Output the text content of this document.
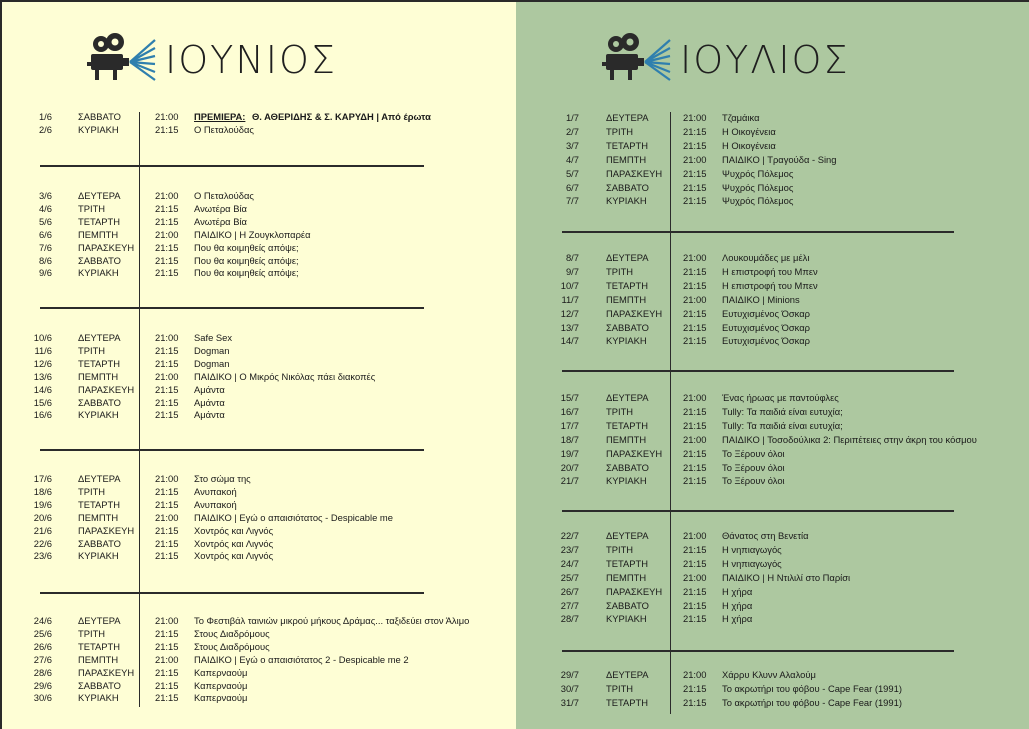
ΙΟΥΝΙΟΣ
1/6	ΣΑΒΒΑΤΟ	21:00 ΠΡΕΜΙΕΡΑ: Θ. ΑΘΕΡΙΔΗΣ & Σ. ΚΑΡΥΔΗ | Από έρωτα
2/6	ΚΥΡΙΑΚΗ	21:15 Ο Πεταλούδας
3/6	ΔΕΥΤΕΡΑ	21:00 Ο Πεταλούδας
4/6	ΤΡΙΤΗ	21:15 Ανωτέρα Βία
5/6	ΤΕΤΑΡΤΗ	21:15 Ανωτέρα Βία
6/6	ΠΕΜΠΤΗ	21:00 ΠΑΙΔΙΚΟ | Η Ζουγκλοπαρέα
7/6	ΠΑΡΑΣΚΕΥΗ 21:15 Που θα κοιμηθείς απόψε;
8/6	ΣΑΒΒΑΤΟ	21:15 Που θα κοιμηθείς απόψε;
9/6	ΚΥΡΙΑΚΗ	21:15 Που θα κοιμηθείς απόψε;
10/6	ΔΕΥΤΕΡΑ	21:00 Safe Sex
11/6	ΤΡΙΤΗ	21:15 Dogman
12/6	ΤΕΤΑΡΤΗ	21:15 Dogman
13/6	ΠΕΜΠΤΗ	21:00 ΠΑΙΔΙΚΟ | Ο Μικρός Νικόλας πάει διακοπές
14/6	ΠΑΡΑΣΚΕΥΗ 21:15 Αμάντα
15/6	ΣΑΒΒΑΤΟ	21:15 Αμάντα
16/6	ΚΥΡΙΑΚΗ	21:15 Αμάντα
17/6	ΔΕΥΤΕΡΑ	21:00 Στο σώμα της
18/6	ΤΡΙΤΗ	21:15 Ανυπακοή
19/6	ΤΕΤΑΡΤΗ	21:15 Ανυπακοή
20/6	ΠΕΜΠΤΗ	21:00 ΠΑΙΔΙΚΟ | Εγώ ο απαισιότατος - Despicable me
21/6	ΠΑΡΑΣΚΕΥΗ 21:15 Χοντρός και Λιγνός
22/6	ΣΑΒΒΑΤΟ	21:15 Χοντρός και Λιγνός
23/6	ΚΥΡΙΑΚΗ	21:15 Χοντρός και Λιγνός
24/6	ΔΕΥΤΕΡΑ	21:00 Το Φεστιβάλ ταινιών μικρού μήκους Δράμας... ταξιδεύει στον Άλιμο
25/6	ΤΡΙΤΗ	21:15 Στους Διαδρόμους
26/6	ΤΕΤΑΡΤΗ	21:15 Στους Διαδρόμους
27/6	ΠΕΜΠΤΗ	21:00 ΠΑΙΔΙΚΟ | Εγώ ο απαισιότατος 2 - Despicable me 2
28/6	ΠΑΡΑΣΚΕΥΗ 21:15 Καπερναούμ
29/6	ΣΑΒΒΑΤΟ	21:15 Καπερναούμ
30/6	ΚΥΡΙΑΚΗ	21:15 Καπερναούμ
ΙΟΥΛΙΟΣ
1/7	ΔΕΥΤΕΡΑ	21:00 Τζαμάικα
2/7	ΤΡΙΤΗ	21:15 Η Οικογένεια
3/7	ΤΕΤΑΡΤΗ	21:15 Η Οικογένεια
4/7	ΠΕΜΠΤΗ	21:00 ΠΑΙΔΙΚΟ | Τραγούδα - Sing
5/7	ΠΑΡΑΣΚΕΥΗ 21:15 Ψυχρός Πόλεμος
6/7	ΣΑΒΒΑΤΟ	21:15 Ψυχρός Πόλεμος
7/7	ΚΥΡΙΑΚΗ	21:15 Ψυχρός Πόλεμος
8/7	ΔΕΥΤΕΡΑ	21:00 Λουκουμάδες με μέλι
9/7	ΤΡΙΤΗ	21:15 Η επιστροφή του Μπεν
10/7	ΤΕΤΑΡΤΗ	21:15 Η επιστροφή του Μπεν
11/7	ΠΕΜΠΤΗ	21:00 ΠΑΙΔΙΚΟ | Minions
12/7	ΠΑΡΑΣΚΕΥΗ 21:15 Ευτυχισμένος Όσκαρ
13/7	ΣΑΒΒΑΤΟ	21:15 Ευτυχισμένος Όσκαρ
14/7	ΚΥΡΙΑΚΗ	21:15 Ευτυχισμένος Όσκαρ
15/7	ΔΕΥΤΕΡΑ	21:00 Ένας ήρωας με παντούφλες
16/7	ΤΡΙΤΗ	21:15 Tully: Τα παιδιά είναι ευτυχία;
17/7	ΤΕΤΑΡΤΗ	21:15 Tully: Τα παιδιά είναι ευτυχία;
18/7	ΠΕΜΠΤΗ	21:00 ΠΑΙΔΙΚΟ | Τοσοδούλικα 2: Περιπέτειες στην άκρη του κόσμου
19/7	ΠΑΡΑΣΚΕΥΗ 21:15 Το Ξέρουν όλοι
20/7	ΣΑΒΒΑΤΟ	21:15 Το Ξέρουν όλοι
21/7	ΚΥΡΙΑΚΗ	21:15 Το Ξέρουν όλοι
22/7	ΔΕΥΤΕΡΑ	21:00 Θάνατος στη Βενετία
23/7	ΤΡΙΤΗ	21:15 Η νηπιαγωγός
24/7	ΤΕΤΑΡΤΗ	21:15 Η νηπιαγωγός
25/7	ΠΕΜΠΤΗ	21:00 ΠΑΙΔΙΚΟ | Η Ντιλιλί στο Παρίσι
26/7	ΠΑΡΑΣΚΕΥΗ 21:15 Η χήρα
27/7	ΣΑΒΒΑΤΟ	21:15 Η χήρα
28/7	ΚΥΡΙΑΚΗ	21:15 Η χήρα
29/7	ΔΕΥΤΕΡΑ	21:00 Χάρρυ Κλυνν Αλαλούμ
30/7	ΤΡΙΤΗ	21:15 Το ακρωτήρι του φόβου - Cape Fear (1991)
31/7	ΤΕΤΑΡΤΗ	21:15 Το ακρωτήρι του φόβου - Cape Fear (1991)
